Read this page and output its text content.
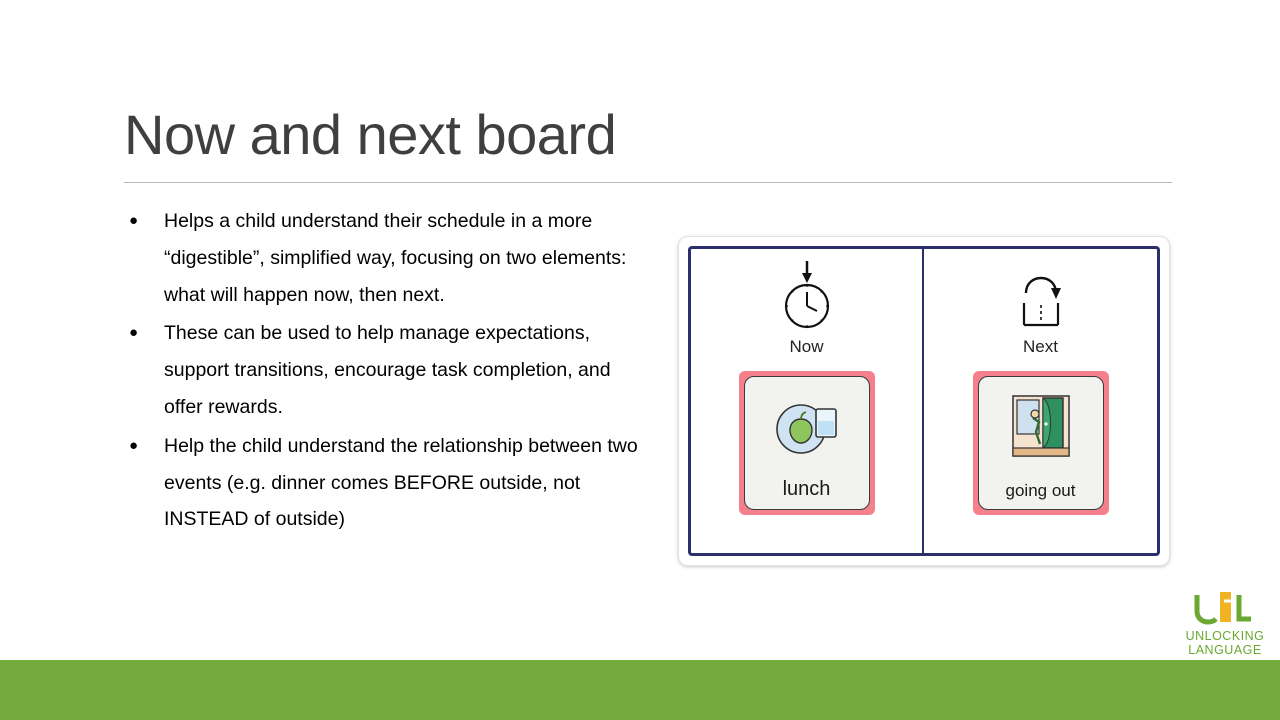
Now and next board
●	Helps a child understand their schedule in a more “digestible”, simplified way, focusing on two elements: what will happen now, then next.
●	These can be used to help manage expectations, support transitions, encourage task completion, and offer rewards.
●	Help the child understand the relationship between two events (e.g. dinner comes BEFORE outside, not INSTEAD of outside)
Now
lunch
Next
going out
UNLOCKING
LANGUAGE
